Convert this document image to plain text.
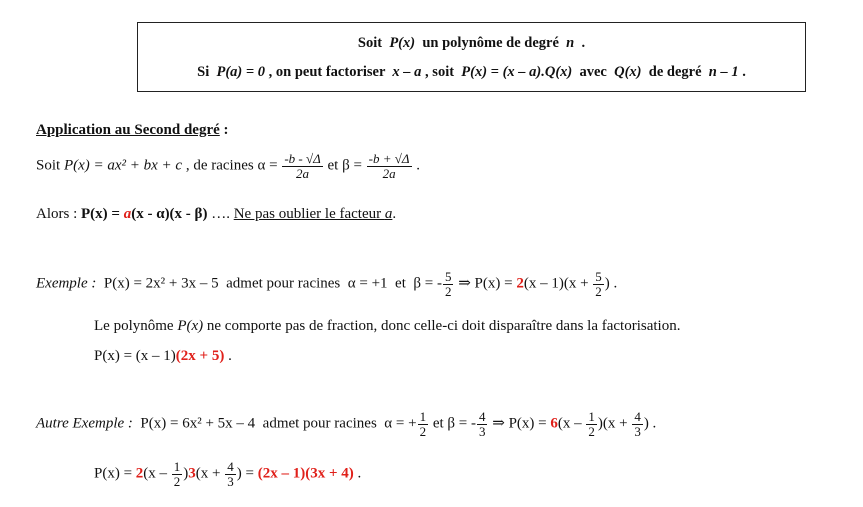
Soit P(x) un polynôme de degré n .
Si P(a) = 0 , on peut factoriser x – a , soit P(x) = (x – a).Q(x) avec Q(x) de degré n – 1 .
Application au Second degré :
Soit P(x) = ax² + bx + c , de racines $\alpha = \frac{-b - √\Delta}{2a}$ et $\beta = \frac{-b + √\Delta}{2a}$ .
Alors : P(x) = a(x - α)(x - β) …. Ne pas oublier le facteur a.
Exemple : P(x) = 2x² + 3x – 5 admet pour racines α = +1 et β = - $\frac{5}{2}$ ⇒ $P(x) = 2(x - 1)(x + \frac{5}{2}$ ) .
Le polynôme P(x) ne comporte pas de fraction, donc celle-ci doit disparaître dans la factorisation.
P(x) = (x – 1)(2x + 5) .
Autre Exemple : P(x) = 6x² + 5x – 4 admet pour racines α = + $\frac{1}{2}$ et β = - $\frac{4}{3}$ ⇒ $P(x) = 6(x - \frac{1}{2} )(x + \frac{4}{3}$ ) .
$P(x) = 2(x - \frac{1}{2} )3(x + \frac{4}{3}$ ) = (2x – 1)(3x + 4) .
